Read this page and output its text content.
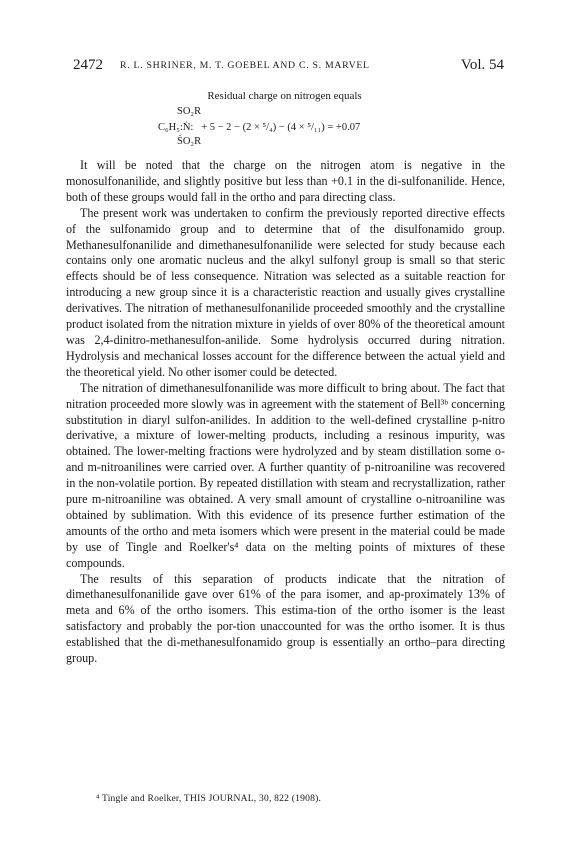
2472 R. L. SHRINER, M. T. GOEBEL AND C. S. MARVEL	Vol. 54
Residual charge on nitrogen equals
SO₂R
C₆H₅:Ṅ: + 5 − 2 − (2 × ⁵/₄) − (4 × ⁵/₁₁) = +0.07
ṠO₂R

It will be noted that the charge on the nitrogen atom is negative in the monosulfonanilide, and slightly positive but less than +0.1 in the di-sulfonanilide. Hence, both of these groups would fall in the ortho and para directing class.

The present work was undertaken to confirm the previously reported directive effects of the sulfonamido group and to determine that of the disulfonamido group. Methanesulfonanilide and dimethanesulfonanilide were selected for study because each contains only one aromatic nucleus and the alkyl sulfonyl group is small so that steric effects should be of less consequence. Nitration was selected as a suitable reaction for introducing a new group since it is a characteristic reaction and usually gives crystalline derivatives. The nitration of methanesulfonanilide proceeded smoothly and the crystalline product isolated from the nitration mixture in yields of over 80% of the theoretical amount was 2,4-dinitro-methanesulfon-anilide. Some hydrolysis occurred during nitration. Hydrolysis and mechanical losses account for the difference between the actual yield and the theoretical yield. No other isomer could be detected.

The nitration of dimethanesulfonanilide was more difficult to bring about. The fact that nitration proceeded more slowly was in agreement with the statement of Bell³ᵇ concerning substitution in diaryl sulfon-anilides. In addition to the well-defined crystalline p-nitro derivative, a mixture of lower-melting products, including a resinous impurity, was obtained. The lower-melting fractions were hydrolyzed and by steam distillation some o- and m-nitroanilines were carried over. A further quantity of p-nitroaniline was recovered in the non-volatile portion. By repeated distillation with steam and recrystallization, rather pure m-nitroaniline was obtained. A very small amount of crystalline o-nitroaniline was obtained by sublimation. With this evidence of its presence further estimation of the amounts of the ortho and meta isomers which were present in the material could be made by use of Tingle and Roelker's⁴ data on the melting points of mixtures of these compounds.

The results of this separation of products indicate that the nitration of dimethanesulfonanilide gave over 61% of the para isomer, and ap-proximately 13% of meta and 6% of the ortho isomers. This estima-tion of the ortho isomer is the least satisfactory and probably the por-tion unaccounted for was the ortho isomer. It is thus established that the di-methanesulfonamido group is essentially an ortho–para directing group.

⁴ Tingle and Roelker, THIS JOURNAL, 30, 822 (1908).
